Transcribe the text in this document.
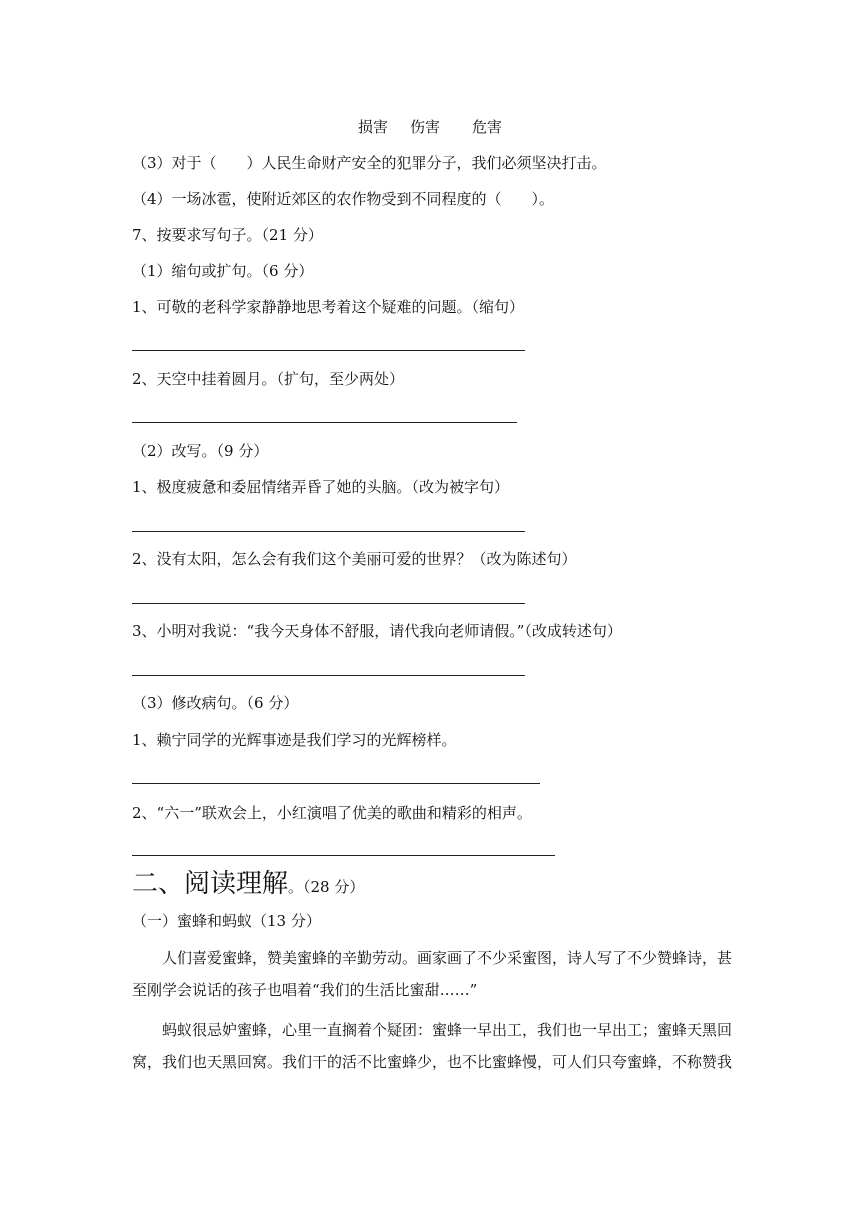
损害 伤害 危害
（3）对于（　　）人民生命财产安全的犯罪分子，我们必须坚决打击。
（4）一场冰雹，使附近郊区的农作物受到不同程度的（　　）。
7、按要求写句子。（21 分）
（1）缩句或扩句。（6 分）
1、可敬的老科学家静静地思考着这个疑难的问题。（缩句）
2、天空中挂着圆月。（扩句，至少两处）
（2）改写。（9 分）
1、极度疲惫和委屈情绪弄昏了她的头脑。（改为被字句）
2、没有太阳，怎么会有我们这个美丽可爱的世界？（改为陈述句）
3、小明对我说：“我今天身体不舒服，请代我向老师请假。”（改成转述句）
（3）修改病句。（6 分）
1、赖宁同学的光辉事迹是我们学习的光辉榜样。
2、“六一”联欢会上，小红演唱了优美的歌曲和精彩的相声。
二、阅读理解。（28 分）
（一）蜜蜂和蚂蚁（13 分）
人们喜爱蜜蜂，赞美蜜蜂的辛勤劳动。画家画了不少采蜜图，诗人写了不少赞蜂诗，甚至刚学会说话的孩子也唱着“我们的生活比蜜甜……”
蚂蚁很忌妒蜜蜂，心里一直搁着个疑团：蜜蜂一早出工，我们也一早出工；蜜蜂天黑回窝，我们也天黑回窝。我们干的活不比蜜蜂少，也不比蜜蜂慢，可人们只夸蜜蜂，不称赞我
